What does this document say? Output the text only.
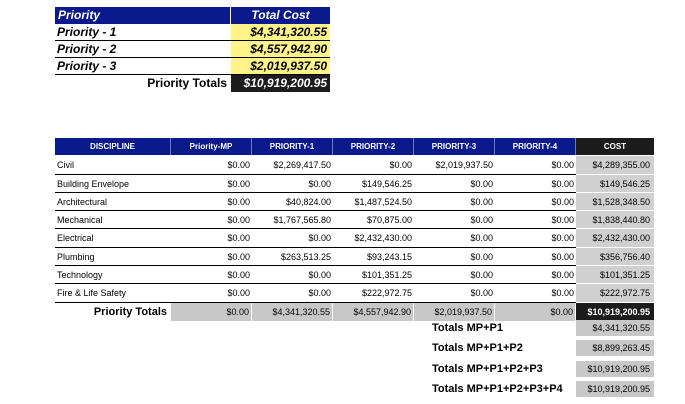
Priority	Total Cost
Priority - 1	$4,341,320.55
Priority - 2	$4,557,942.90
Priority - 3	$2,019,937.50
Priority Totals	$10,919,200.95
DISCIPLINE	Priority-MP	PRIORITY-1	PRIORITY-2	PRIORITY-3	PRIORITY-4	COST
Civil	$0.00	$2,269,417.50	$0.00	$2,019,937.50	$0.00	$4,289,355.00
Building Envelope	$0.00	$0.00	$149,546.25	$0.00	$0.00	$149,546.25
Architectural	$0.00	$40,824.00	$1,487,524.50	$0.00	$0.00	$1,528,348.50
Mechanical	$0.00	$1,767,565.80	$70,875.00	$0.00	$0.00	$1,838,440.80
Electrical	$0.00	$0.00	$2,432,430.00	$0.00	$0.00	$2,432,430.00
Plumbing	$0.00	$263,513.25	$93,243.15	$0.00	$0.00	$356,756.40
Technology	$0.00	$0.00	$101,351.25	$0.00	$0.00	$101,351.25
Fire & Life Safety	$0.00	$0.00	$222,972.75	$0.00	$0.00	$222,972.75
Priority Totals	$0.00	$4,341,320.55	$4,557,942.90	$2,019,937.50	$0.00	$10,919,200.95
Totals MP+P1	$4,341,320.55
Totals MP+P1+P2	$8,899,263.45
Totals MP+P1+P2+P3	$10,919,200.95
Totals MP+P1+P2+P3+P4	$10,919,200.95
